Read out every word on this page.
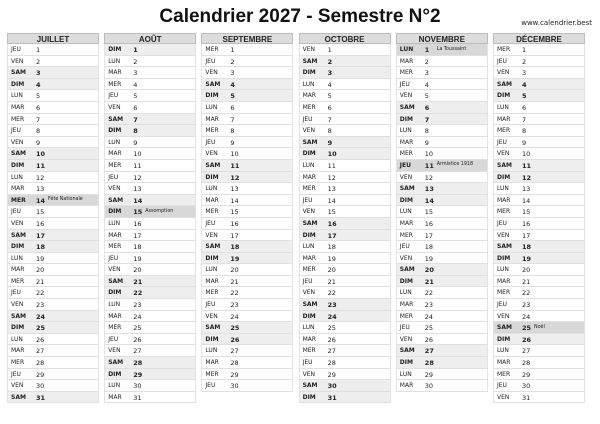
Calendrier 2027 - Semestre N°2	www.calendrier.best
JUILLET
JEU 1
VEN 2
SAM 3
DIM 4
LUN 5
MAR 6
MER 7
JEU 8
VEN 9
SAM 10
DIM 11
LUN 12
MAR 13
MER 14 Fête Nationale
JEU 15
VEN 16
SAM 17
DIM 18
LUN 19
MAR 20
MER 21
JEU 22
VEN 23
SAM 24
DIM 25
LUN 26
MAR 27
MER 28
JEU 29
VEN 30
SAM 31
AOÛT
DIM 1
LUN 2
MAR 3
MER 4
JEU 5
VEN 6
SAM 7
DIM 8
LUN 9
MAR 10
MER 11
JEU 12
VEN 13
SAM 14
DIM 15 Assomption
LUN 16
MAR 17
MER 18
JEU 19
VEN 20
SAM 21
DIM 22
LUN 23
MAR 24
MER 25
JEU 26
VEN 27
SAM 28
DIM 29
LUN 30
MAR 31
SEPTEMBRE
MER 1
JEU 2
VEN 3
SAM 4
DIM 5
LUN 6
MAR 7
MER 8
JEU 9
VEN 10
SAM 11
DIM 12
LUN 13
MAR 14
MER 15
JEU 16
VEN 17
SAM 18
DIM 19
LUN 20
MAR 21
MER 22
JEU 23
VEN 24
SAM 25
DIM 26
LUN 27
MAR 28
MER 29
JEU 30
OCTOBRE
VEN 1
SAM 2
DIM 3
LUN 4
MAR 5
MER 6
JEU 7
VEN 8
SAM 9
DIM 10
LUN 11
MAR 12
MER 13
JEU 14
VEN 15
SAM 16
DIM 17
LUN 18
MAR 19
MER 20
JEU 21
VEN 22
SAM 23
DIM 24
LUN 25
MAR 26
MER 27
JEU 28
VEN 29
SAM 30
DIM 31
NOVEMBRE
LUN 1 La Toussaint
MAR 2
MER 3
JEU 4
VEN 5
SAM 6
DIM 7
LUN 8
MAR 9
MER 10
JEU 11 Armistice 1918
VEN 12
SAM 13
DIM 14
LUN 15
MAR 16
MER 17
JEU 18
VEN 19
SAM 20
DIM 21
LUN 22
MAR 23
MER 24
JEU 25
VEN 26
SAM 27
DIM 28
LUN 29
MAR 30
DÉCEMBRE
MER 1
JEU 2
VEN 3
SAM 4
DIM 5
LUN 6
MAR 7
MER 8
JEU 9
VEN 10
SAM 11
DIM 12
LUN 13
MAR 14
MER 15
JEU 16
VEN 17
SAM 18
DIM 19
LUN 20
MAR 21
MER 22
JEU 23
VEN 24
SAM 25 Noël
DIM 26
LUN 27
MAR 28
MER 29
JEU 30
VEN 31
